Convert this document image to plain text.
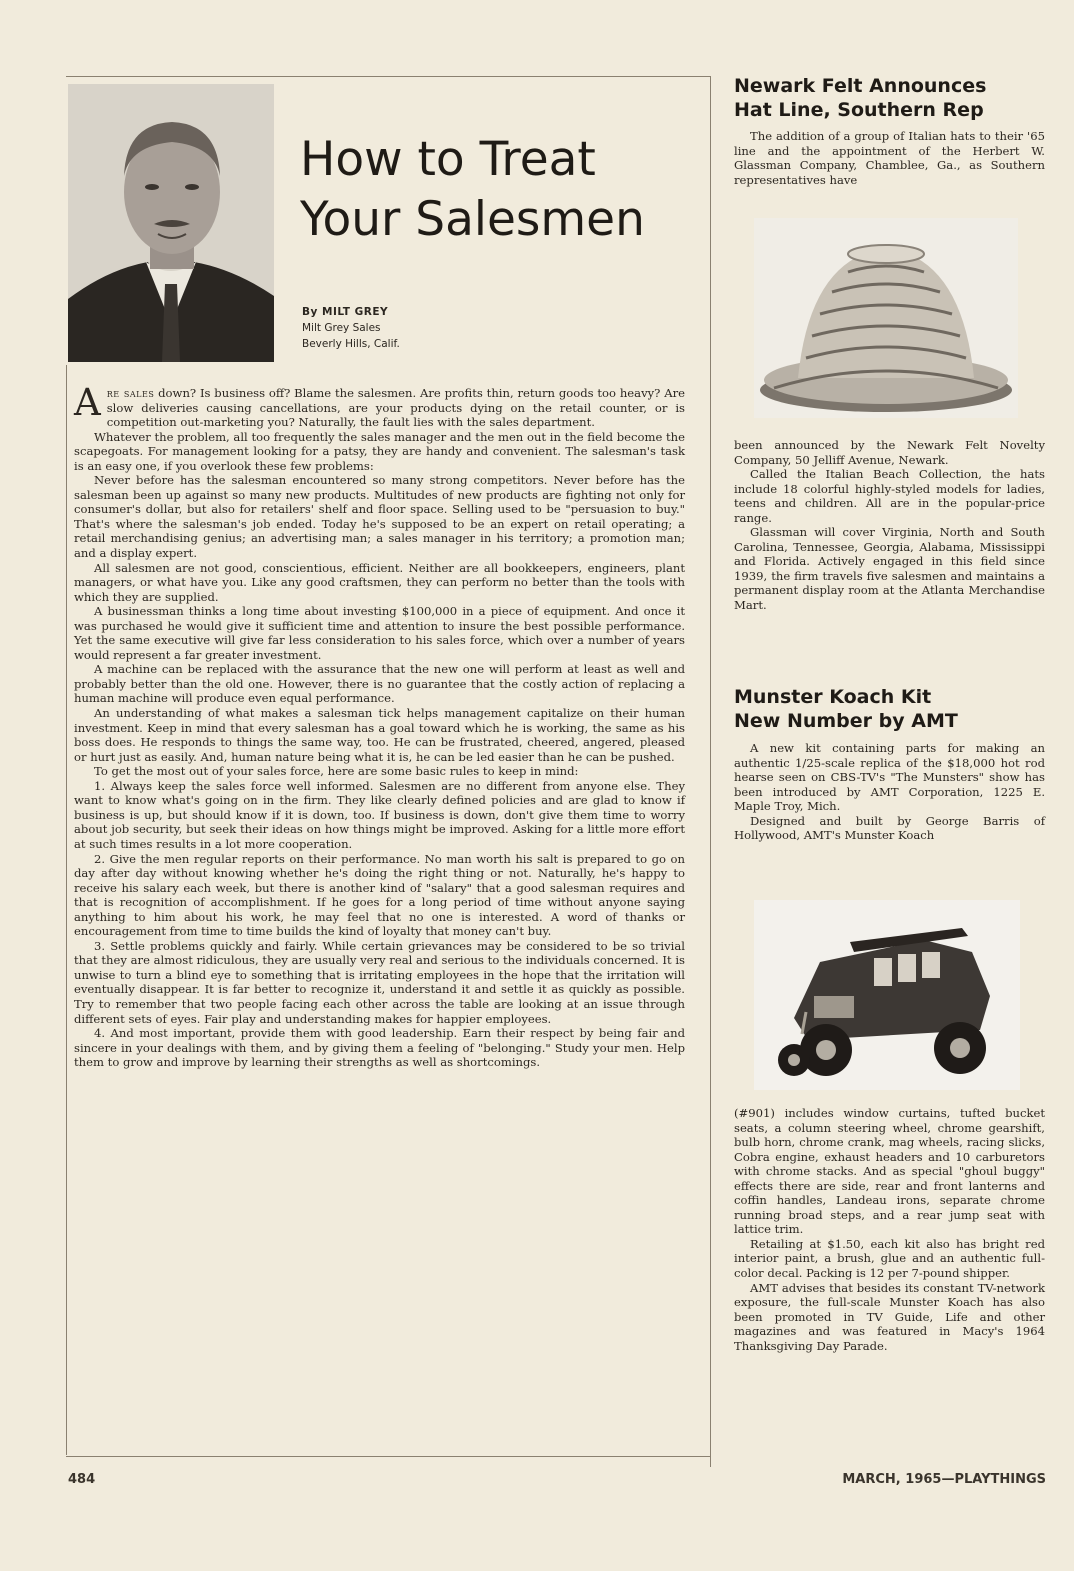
How to Treat
Your Salesmen
By MILT GREY
Milt Grey Sales
Beverly Hills, Calif.

Are sales down? Is business off? Blame the salesmen. Are profits thin, return goods too heavy? Are slow deliveries causing cancellations, are your products dying on the retail counter, or is competition out-marketing you? Naturally, the fault lies with the sales department.

Whatever the problem, all too frequently the sales manager and the men out in the field become the scapegoats. For management looking for a patsy, they are handy and convenient. The salesman's task is an easy one, if you overlook these few problems:

Never before has the salesman encountered so many strong competitors. Never before has the salesman been up against so many new products. Multitudes of new products are fighting not only for consumer's dollar, but also for retailers' shelf and floor space. Selling used to be "persuasion to buy." That's where the salesman's job ended. Today he's supposed to be an expert on retail operating; a retail merchandising genius; an advertising man; a sales manager in his territory; a promotion man; and a display expert.

All salesmen are not good, conscientious, efficient. Neither are all bookkeepers, engineers, plant managers, or what have you. Like any good craftsmen, they can perform no better than the tools with which they are supplied.

A businessman thinks a long time about investing $100,000 in a piece of equipment. And once it was purchased he would give it sufficient time and attention to insure the best possible performance. Yet the same executive will give far less consideration to his sales force, which over a number of years would represent a far greater investment.

A machine can be replaced with the assurance that the new one will perform at least as well and probably better than the old one. However, there is no guarantee that the costly action of replacing a human machine will produce even equal performance.

An understanding of what makes a salesman tick helps management capitalize on their human investment. Keep in mind that every salesman has a goal toward which he is working, the same as his boss does. He responds to things the same way, too. He can be frustrated, cheered, angered, pleased or hurt just as easily. And, human nature being what it is, he can be led easier than he can be pushed.

To get the most out of your sales force, here are some basic rules to keep in mind:

1. Always keep the sales force well informed. Salesmen are no different from anyone else. They want to know what's going on in the firm. They like clearly defined policies and are glad to know if business is up, but should know if it is down, too. If business is down, don't give them time to worry about job security, but seek their ideas on how things might be improved. Asking for a little more effort at such times results in a lot more cooperation.

2. Give the men regular reports on their performance. No man worth his salt is prepared to go on day after day without knowing whether he's doing the right thing or not. Naturally, he's happy to receive his salary each week, but there is another kind of "salary" that a good salesman requires and that is recognition of accomplishment. If he goes for a long period of time without anyone saying anything to him about his work, he may feel that no one is interested. A word of thanks or encouragement from time to time builds the kind of loyalty that money can't buy.

3. Settle problems quickly and fairly. While certain grievances may be considered to be so trivial that they are almost ridiculous, they are usually very real and serious to the individuals concerned. It is unwise to turn a blind eye to something that is irritating employees in the hope that the irritation will eventually disappear. It is far better to recognize it, understand it and settle it as quickly as possible. Try to remember that two people facing each other across the table are looking at an issue through different sets of eyes. Fair play and understanding makes for happier employees.

4. And most important, provide them with good leadership. Earn their respect by being fair and sincere in your dealings with them, and by giving them a feeling of "belonging." Study your men. Help them to grow and improve by learning their strengths as well as shortcomings.

Newark Felt Announces
Hat Line, Southern Rep

The addition of a group of Italian hats to their '65 line and the appointment of the Herbert W. Glassman Company, Chamblee, Ga., as Southern representatives have

been announced by the Newark Felt Novelty Company, 50 Jelliff Avenue, Newark.

Called the Italian Beach Collection, the hats include 18 colorful highly-styled models for ladies, teens and children. All are in the popular-price range.

Glassman will cover Virginia, North and South Carolina, Tennessee, Georgia, Alabama, Mississippi and Florida. Actively engaged in this field since 1939, the firm travels five salesmen and maintains a permanent display room at the Atlanta Merchandise Mart.

Munster Koach Kit
New Number by AMT

A new kit containing parts for making an authentic 1/25-scale replica of the $18,000 hot rod hearse seen on CBS-TV's "The Munsters" show has been introduced by AMT Corporation, 1225 E. Maple Troy, Mich.

Designed and built by George Barris of Hollywood, AMT's Munster Koach

(#901) includes window curtains, tufted bucket seats, a column steering wheel, chrome gearshift, bulb horn, chrome crank, mag wheels, racing slicks, Cobra engine, exhaust headers and 10 carburetors with chrome stacks. And as special "ghoul buggy" effects there are side, rear and front lanterns and coffin handles, Landeau irons, separate chrome running broad steps, and a rear jump seat with lattice trim.

Retailing at $1.50, each kit also has bright red interior paint, a brush, glue and an authentic full-color decal. Packing is 12 per 7-pound shipper.

AMT advises that besides its constant TV-network exposure, the full-scale Munster Koach has also been promoted in TV Guide, Life and other magazines and was featured in Macy's 1964 Thanksgiving Day Parade.

484	MARCH, 1965—PLAYTHINGS
